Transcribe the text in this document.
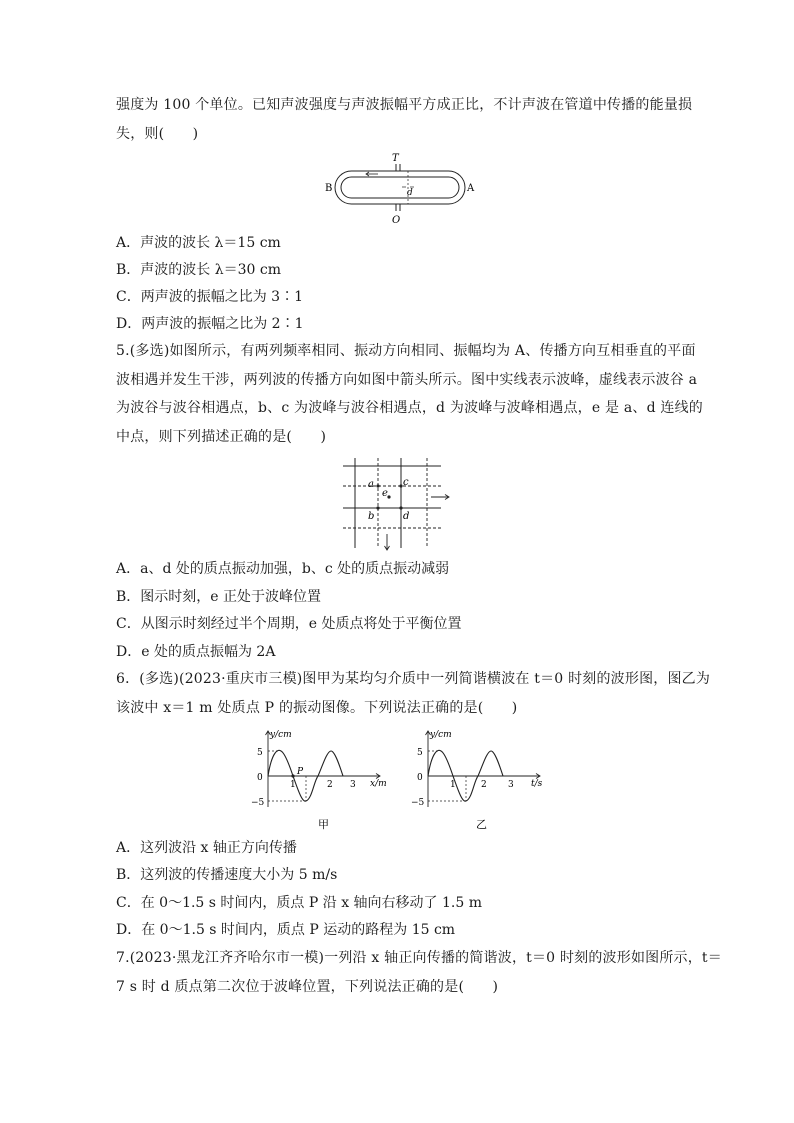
强度为 100 个单位。已知声波强度与声波振幅平方成正比，不计声波在管道中传播的能量损
失，则(　　)
T
O
A
B	d
A．声波的波长 λ＝15 cm
B．声波的波长 λ＝30 cm
C．两声波的振幅之比为 3∶1
D．两声波的振幅之比为 2∶1
5.(多选)如图所示，有两列频率相同、振动方向相同、振幅均为 A、传播方向互相垂直的平面
波相遇并发生干涉，两列波的传播方向如图中箭头所示。图中实线表示波峰，虚线表示波谷 a
为波谷与波谷相遇点，b、c 为波峰与波谷相遇点，d 为波峰与波峰相遇点，e 是 a、d 连线的
中点，则下列描述正确的是(　　)
a	c
e
b	d
A．a、d 处的质点振动加强，b、c 处的质点振动减弱
B．图示时刻，e 正处于波峰位置
C．从图示时刻经过半个周期，e 处质点将处于平衡位置
D．e 处的质点振幅为 2A
6．(多选)(2023·重庆市三模)图甲为某均匀介质中一列简谐横波在 t＝0 时刻的波形图，图乙为
该波中 x＝1 m 处质点 P 的振动图像。下列说法正确的是(　　)
y/cm
x/m
5
0
−5
1	2 3
P
甲
y/cm
t/s
5
0
−5
1	2 3
乙
A．这列波沿 x 轴正方向传播
B．这列波的传播速度大小为 5 m/s
C．在 0～1.5 s 时间内，质点 P 沿 x 轴向右移动了 1.5 m
D．在 0～1.5 s 时间内，质点 P 运动的路程为 15 cm
7.(2023·黑龙江齐齐哈尔市一模)一列沿 x 轴正向传播的简谐波，t＝0 时刻的波形如图所示，t＝
7 s 时 d 质点第二次位于波峰位置，下列说法正确的是(　　)
